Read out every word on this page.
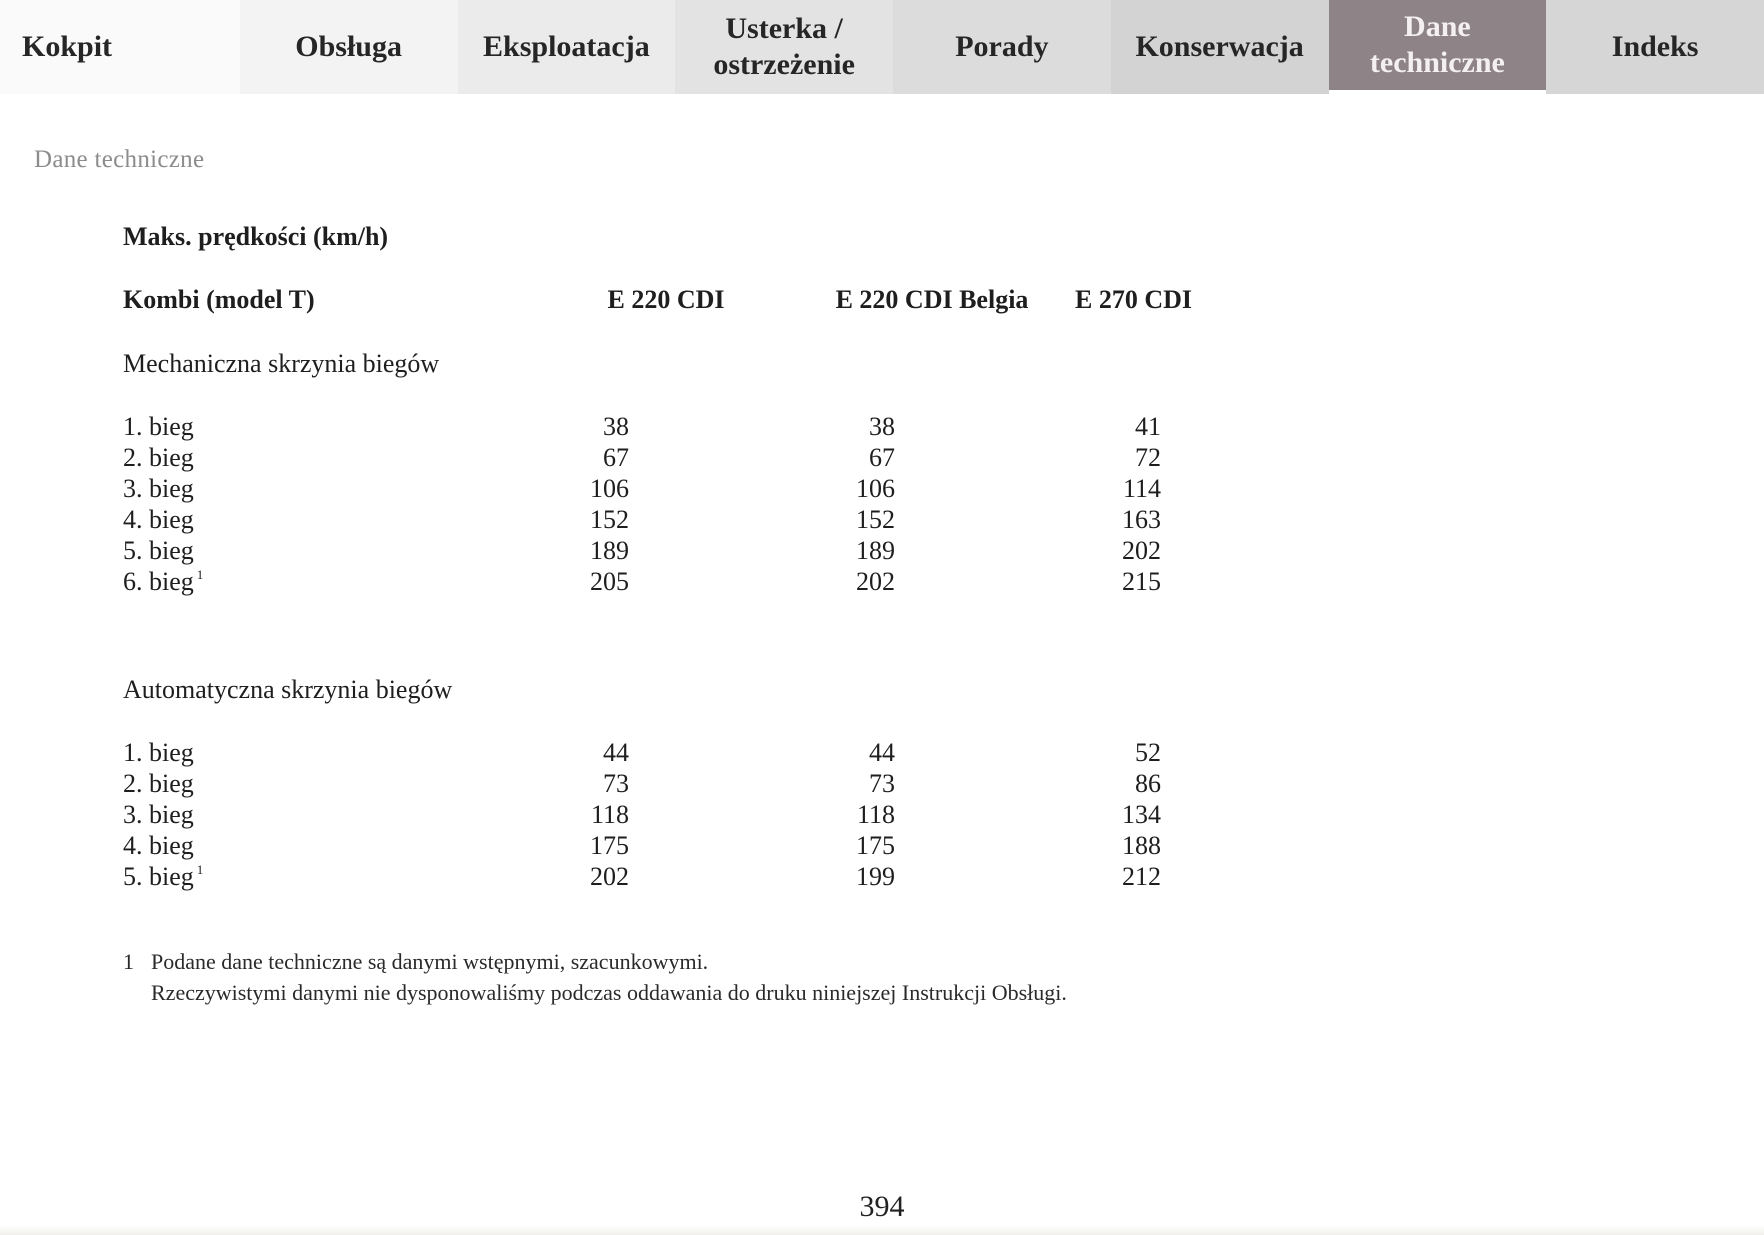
Kokpit	Obsługa	Eksploatacja
Usterka /
ostrzeżenie
Porady	Konserwacja
Dane
techniczne	Indeks
Dane techniczne
Maks. prędkości (km/h)
Kombi (model T)	E 220 CDI	E 220 CDI Belgia	E 270 CDI
Mechaniczna skrzynia biegów
1. bieg	38	38	41
2. bieg	67	67	72
3. bieg	106	106	114
4. bieg	152	152	163
5. bieg	189	189	202
6. bieg $^1$	205	202	215
Automatyczna skrzynia biegów
1. bieg	44	44	52
2. bieg	73	73	86
3. bieg	118	118	134
4. bieg	175	175	188
5. bieg $^1$	202	199	212
1 Podane dane techniczne są danymi wstępnymi, szacunkowymi.
Rzeczywistymi danymi nie dysponowaliśmy podczas oddawania do druku niniejszej Instrukcji Obsługi.
394
